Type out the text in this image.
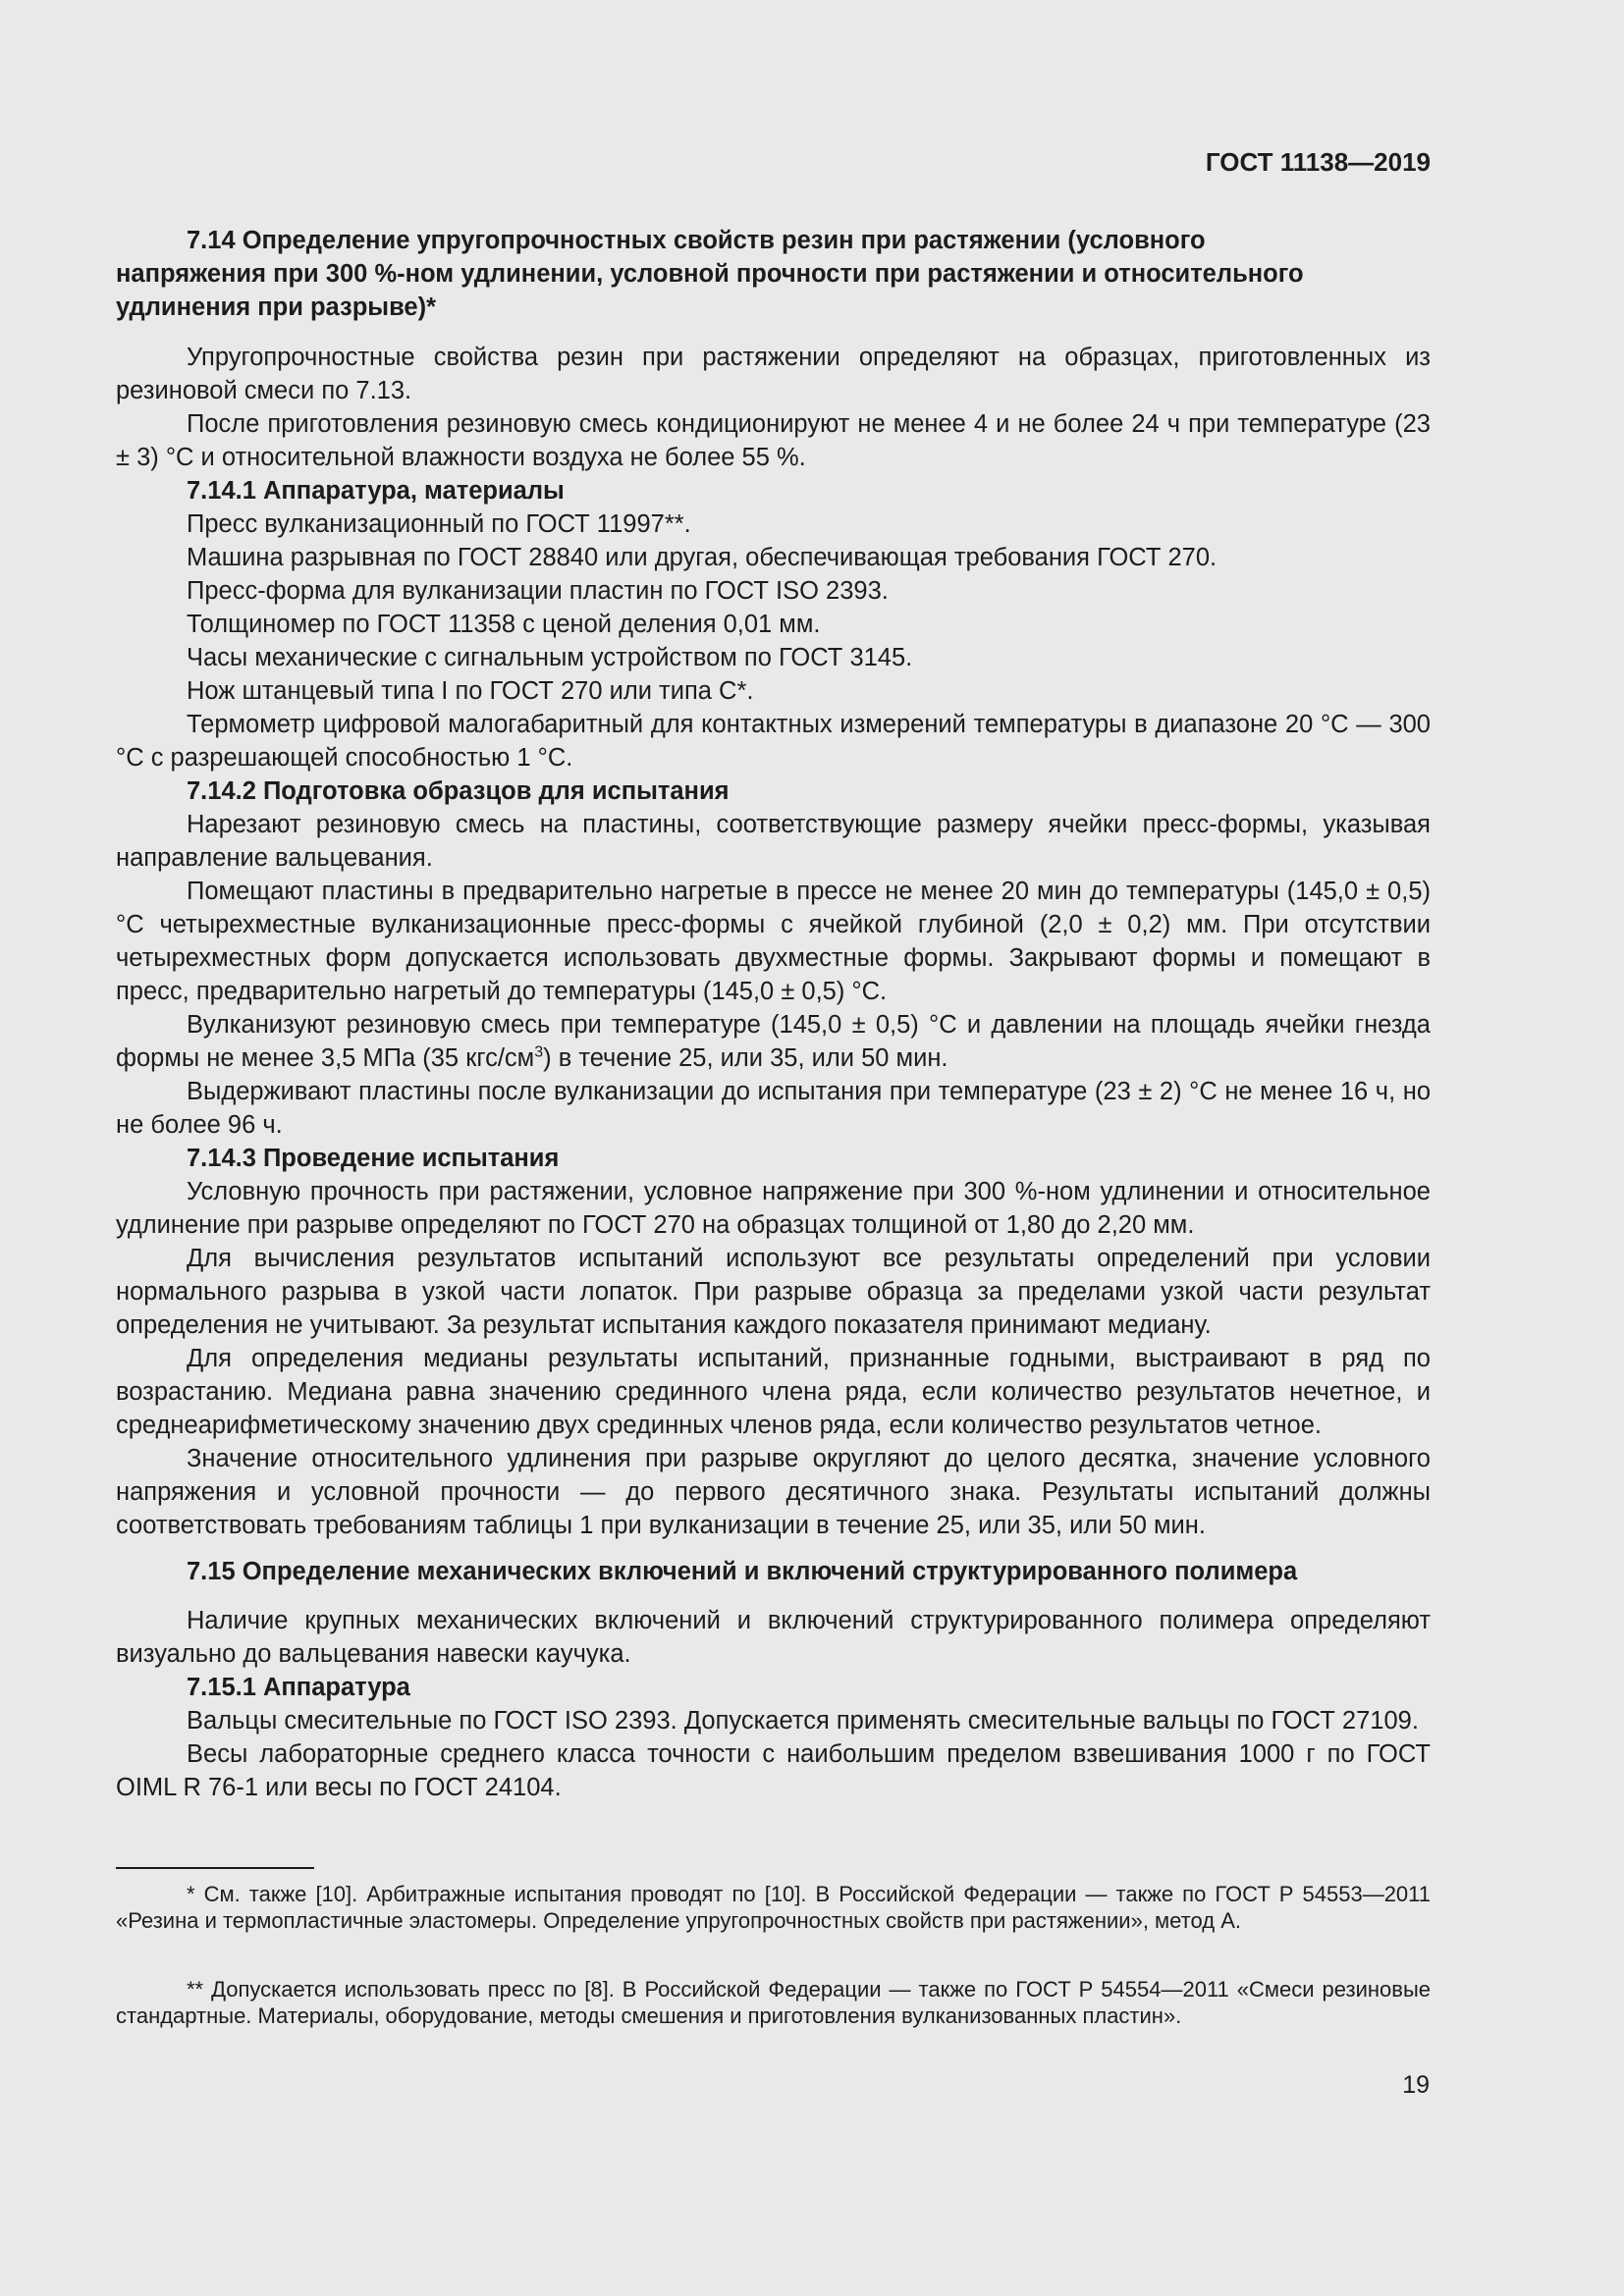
ГОСТ 11138—2019
7.14 Определение упругопрочностных свойств резин при растяжении (условного напряжения при 300 %-ном удлинении, условной прочности при растяжении и относительного удлинения при разрыве)*

Упругопрочностные свойства резин при растяжении определяют на образцах, приготовленных из резиновой смеси по 7.13.

После приготовления резиновую смесь кондиционируют не менее 4 и не более 24 ч при температуре (23 ± 3) °С и относительной влажности воздуха не более 55 %.

7.14.1 Аппаратура, материалы

Пресс вулканизационный по ГОСТ 11997**.

Машина разрывная по ГОСТ 28840 или другая, обеспечивающая требования ГОСТ 270.

Пресс-форма для вулканизации пластин по ГОСТ ISO 2393.

Толщиномер по ГОСТ 11358 с ценой деления 0,01 мм.

Часы механические с сигнальным устройством по ГОСТ 3145.

Нож штанцевый типа I по ГОСТ 270 или типа С*.

Термометр цифровой малогабаритный для контактных измерений температуры в диапазоне 20 °С — 300 °С с разрешающей способностью 1 °С.

7.14.2 Подготовка образцов для испытания

Нарезают резиновую смесь на пластины, соответствующие размеру ячейки пресс-формы, указывая направление вальцевания.

Помещают пластины в предварительно нагретые в прессе не менее 20 мин до температуры (145,0 ± 0,5) °С четырехместные вулканизационные пресс-формы с ячейкой глубиной (2,0 ± 0,2) мм. При отсутствии четырехместных форм допускается использовать двухместные формы. Закрывают формы и помещают в пресс, предварительно нагретый до температуры (145,0 ± 0,5) °С.

Вулканизуют резиновую смесь при температуре (145,0 ± 0,5) °С и давлении на площадь ячейки гнезда формы не менее 3,5 МПа (35 кгс/$см^3$) в течение 25, или 35, или 50 мин.

Выдерживают пластины после вулканизации до испытания при температуре (23 ± 2) °С не менее 16 ч, но не более 96 ч.

7.14.3 Проведение испытания

Условную прочность при растяжении, условное напряжение при 300 %-ном удлинении и относительное удлинение при разрыве определяют по ГОСТ 270 на образцах толщиной от 1,80 до 2,20 мм.

Для вычисления результатов испытаний используют все результаты определений при условии нормального разрыва в узкой части лопаток. При разрыве образца за пределами узкой части результат определения не учитывают. За результат испытания каждого показателя принимают медиану.

Для определения медианы результаты испытаний, признанные годными, выстраивают в ряд по возрастанию. Медиана равна значению срединного члена ряда, если количество результатов нечетное, и среднеарифметическому значению двух срединных членов ряда, если количество результатов четное.

Значение относительного удлинения при разрыве округляют до целого десятка, значение условного напряжения и условной прочности — до первого десятичного знака. Результаты испытаний должны соответствовать требованиям таблицы 1 при вулканизации в течение 25, или 35, или 50 мин.

7.15 Определение механических включений и включений структурированного полимера

Наличие крупных механических включений и включений структурированного полимера определяют визуально до вальцевания навески каучука.

7.15.1 Аппаратура

Вальцы смесительные по ГОСТ ISO 2393. Допускается применять смесительные вальцы по ГОСТ 27109.

Весы лабораторные среднего класса точности с наибольшим пределом взвешивания 1000 г по ГОСТ OIML R 76-1 или весы по ГОСТ 24104.

* См. также [10]. Арбитражные испытания проводят по [10]. В Российской Федерации — также по ГОСТ Р 54553—2011 «Резина и термопластичные эластомеры. Определение упругопрочностных свойств при растяжении», метод А.

** Допускается использовать пресс по [8]. В Российской Федерации — также по ГОСТ Р 54554—2011 «Смеси резиновые стандартные. Материалы, оборудование, методы смешения и приготовления вулканизованных пластин».

19
